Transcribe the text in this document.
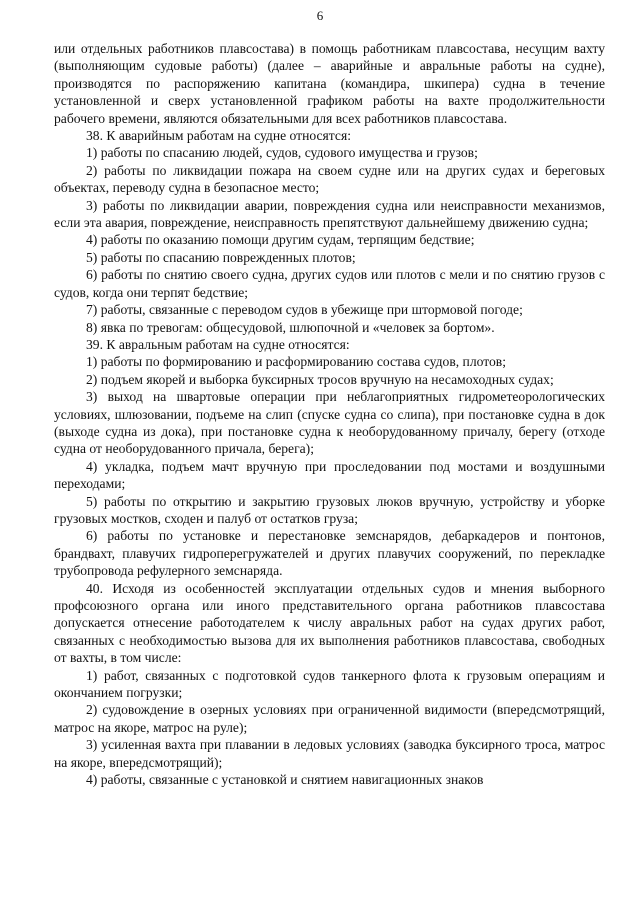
6

или отдельных работников плавсостава) в помощь работникам плавсостава, несущим вахту (выполняющим судовые работы) (далее – аварийные и авральные работы на судне), производятся по распоряжению капитана (командира, шкипера) судна в течение установленной и сверх установленной графиком работы на вахте продолжительности рабочего времени, являются обязательными для всех работников плавсостава.

38. К аварийным работам на судне относятся:

1) работы по спасанию людей, судов, судового имущества и грузов;

2) работы по ликвидации пожара на своем судне или на других судах и береговых объектах, переводу судна в безопасное место;

3) работы по ликвидации аварии, повреждения судна или неисправности механизмов, если эта авария, повреждение, неисправность препятствуют дальнейшему движению судна;

4) работы по оказанию помощи другим судам, терпящим бедствие;

5) работы по спасанию поврежденных плотов;

6) работы по снятию своего судна, других судов или плотов с мели и по снятию грузов с судов, когда они терпят бедствие;

7) работы, связанные с переводом судов в убежище при штормовой погоде;

8) явка по тревогам: общесудовой, шлюпочной и «человек за бортом».

39. К авральным работам на судне относятся:

1) работы по формированию и расформированию состава судов, плотов;

2) подъем якорей и выборка буксирных тросов вручную на несамоходных судах;

3) выход на швартовые операции при неблагоприятных гидрометеорологических условиях, шлюзовании, подъеме на слип (спуске судна со слипа), при постановке судна в док (выходе судна из дока), при постановке судна к необорудованному причалу, берегу (отходе судна от необорудованного причала, берега);

4) укладка, подъем мачт вручную при проследовании под мостами и воздушными переходами;

5) работы по открытию и закрытию грузовых люков вручную, устройству и уборке грузовых мостков, сходен и палуб от остатков груза;

6) работы по установке и перестановке земснарядов, дебаркадеров и понтонов, брандвахт, плавучих гидроперегружателей и других плавучих сооружений, по перекладке трубопровода рефулерного земснаряда.

40. Исходя из особенностей эксплуатации отдельных судов и мнения выборного профсоюзного органа или иного представительного органа работников плавсостава допускается отнесение работодателем к числу авральных работ на судах других работ, связанных с необходимостью вызова для их выполнения работников плавсостава, свободных от вахты, в том числе:

1) работ, связанных с подготовкой судов танкерного флота к грузовым операциям и окончанием погрузки;

2) судовождение в озерных условиях при ограниченной видимости (впередсмотрящий, матрос на якоре, матрос на руле);

3) усиленная вахта при плавании в ледовых условиях (заводка буксирного троса, матрос на якоре, впередсмотрящий);

4) работы, связанные с установкой и снятием навигационных знаков
